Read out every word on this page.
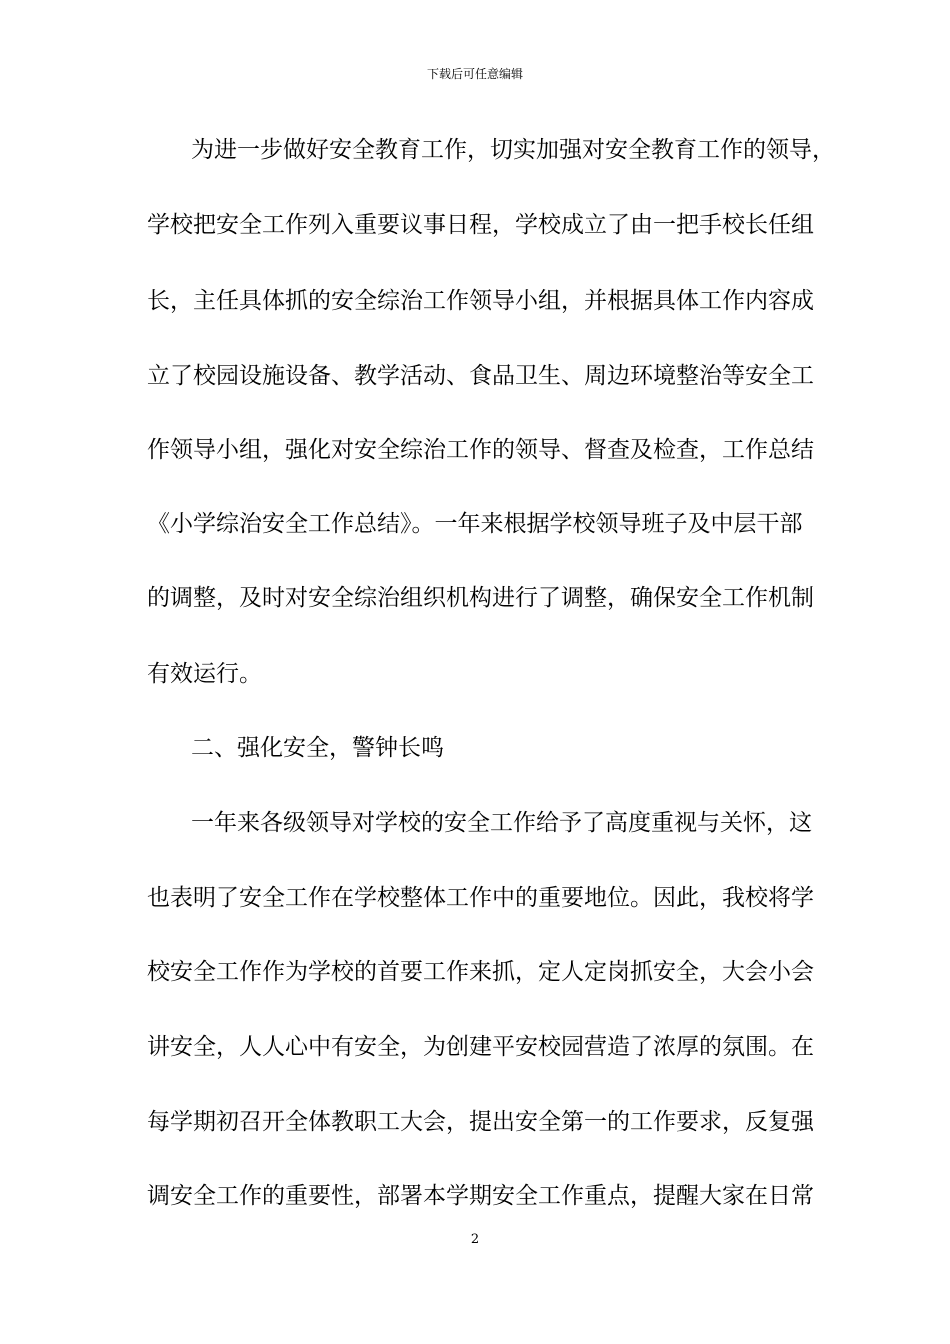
下载后可任意编辑
为进一步做好安全教育工作，切实加强对安全教育工作的领导，
学校把安全工作列入重要议事日程，学校成立了由一把手校长任组
长，主任具体抓的安全综治工作领导小组，并根据具体工作内容成
立了校园设施设备、教学活动、食品卫生、周边环境整治等安全工
作领导小组，强化对安全综治工作的领导、督查及检查，工作总结
《小学综治安全工作总结》。一年来根据学校领导班子及中层干部
的调整，及时对安全综治组织机构进行了调整，确保安全工作机制
有效运行。
二、强化安全，警钟长鸣
一年来各级领导对学校的安全工作给予了高度重视与关怀，这
也表明了安全工作在学校整体工作中的重要地位。因此，我校将学
校安全工作作为学校的首要工作来抓，定人定岗抓安全，大会小会
讲安全，人人心中有安全，为创建平安校园营造了浓厚的氛围。在
每学期初召开全体教职工大会，提出安全第一的工作要求，反复强
调安全工作的重要性，部署本学期安全工作重点，提醒大家在日常
2
